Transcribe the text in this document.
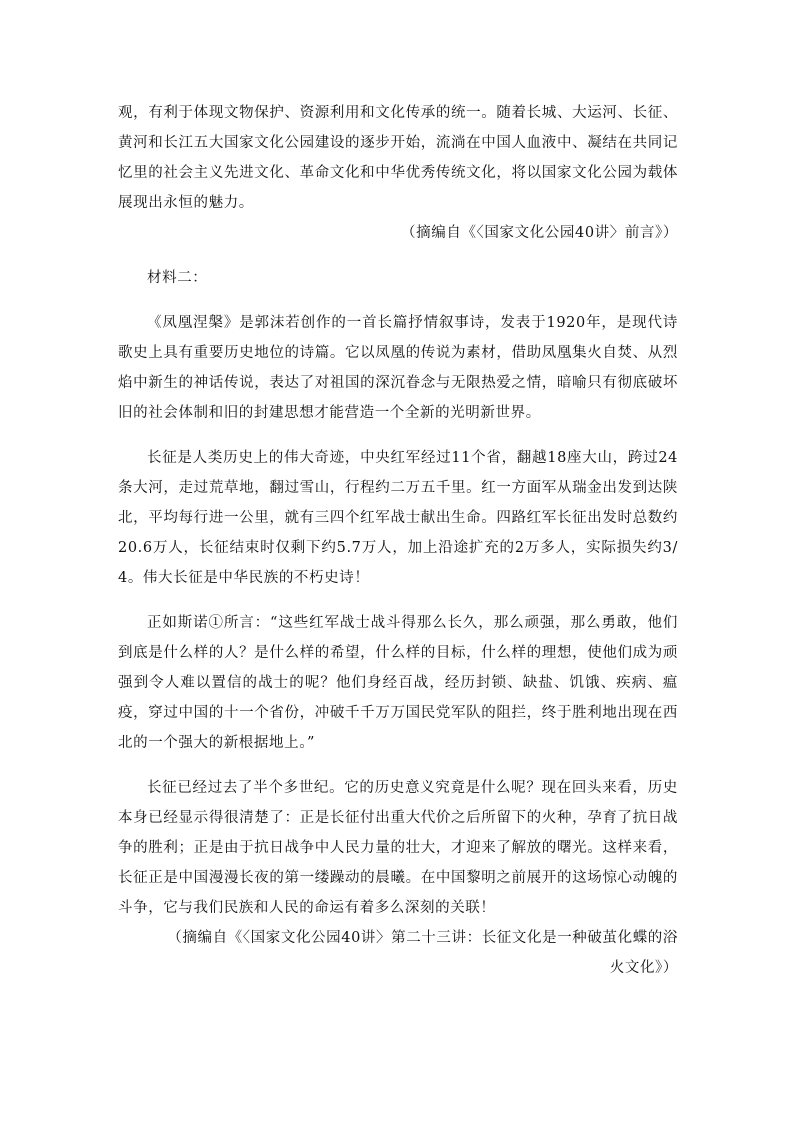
观，有利于体现文物保护、资源利用和文化传承的统一。随着长城、大运河、长征、黄河和长江五大国家文化公园建设的逐步开始，流淌在中国人血液中、凝结在共同记忆里的社会主义先进文化、革命文化和中华优秀传统文化，将以国家文化公园为载体展现出永恒的魅力。

（摘编自《〈国家文化公园40讲〉前言》）

材料二：

《凤凰涅槃》是郭沫若创作的一首长篇抒情叙事诗，发表于1920年，是现代诗歌史上具有重要历史地位的诗篇。它以凤凰的传说为素材，借助凤凰集火自焚、从烈焰中新生的神话传说，表达了对祖国的深沉眷念与无限热爱之情，暗喻只有彻底破坏旧的社会体制和旧的封建思想才能营造一个全新的光明新世界。

长征是人类历史上的伟大奇迹，中央红军经过11个省，翻越18座大山，跨过24条大河，走过荒草地，翻过雪山，行程约二万五千里。红一方面军从瑞金出发到达陕北，平均每行进一公里，就有三四个红军战士献出生命。四路红军长征出发时总数约20.6万人，长征结束时仅剩下约5.7万人，加上沿途扩充的2万多人，实际损失约3/4。伟大长征是中华民族的不朽史诗！

正如斯诺①所言：“这些红军战士战斗得那么长久，那么顽强，那么勇敢，他们到底是什么样的人？是什么样的希望，什么样的目标，什么样的理想，使他们成为顽强到令人难以置信的战士的呢？他们身经百战，经历封锁、缺盐、饥饿、疾病、瘟疫，穿过中国的十一个省份，冲破千千万万国民党军队的阻拦，终于胜利地出现在西北的一个强大的新根据地上。”

长征已经过去了半个多世纪。它的历史意义究竟是什么呢？现在回头来看，历史本身已经显示得很清楚了：正是长征付出重大代价之后所留下的火种，孕育了抗日战争的胜利；正是由于抗日战争中人民力量的壮大，才迎来了解放的曙光。这样来看，长征正是中国漫漫长夜的第一缕躁动的晨曦。在中国黎明之前展开的这场惊心动魄的斗争，它与我们民族和人民的命运有着多么深刻的关联！

（摘编自《〈国家文化公园40讲〉第二十三讲：长征文化是一种破茧化蝶的浴火文化》）
